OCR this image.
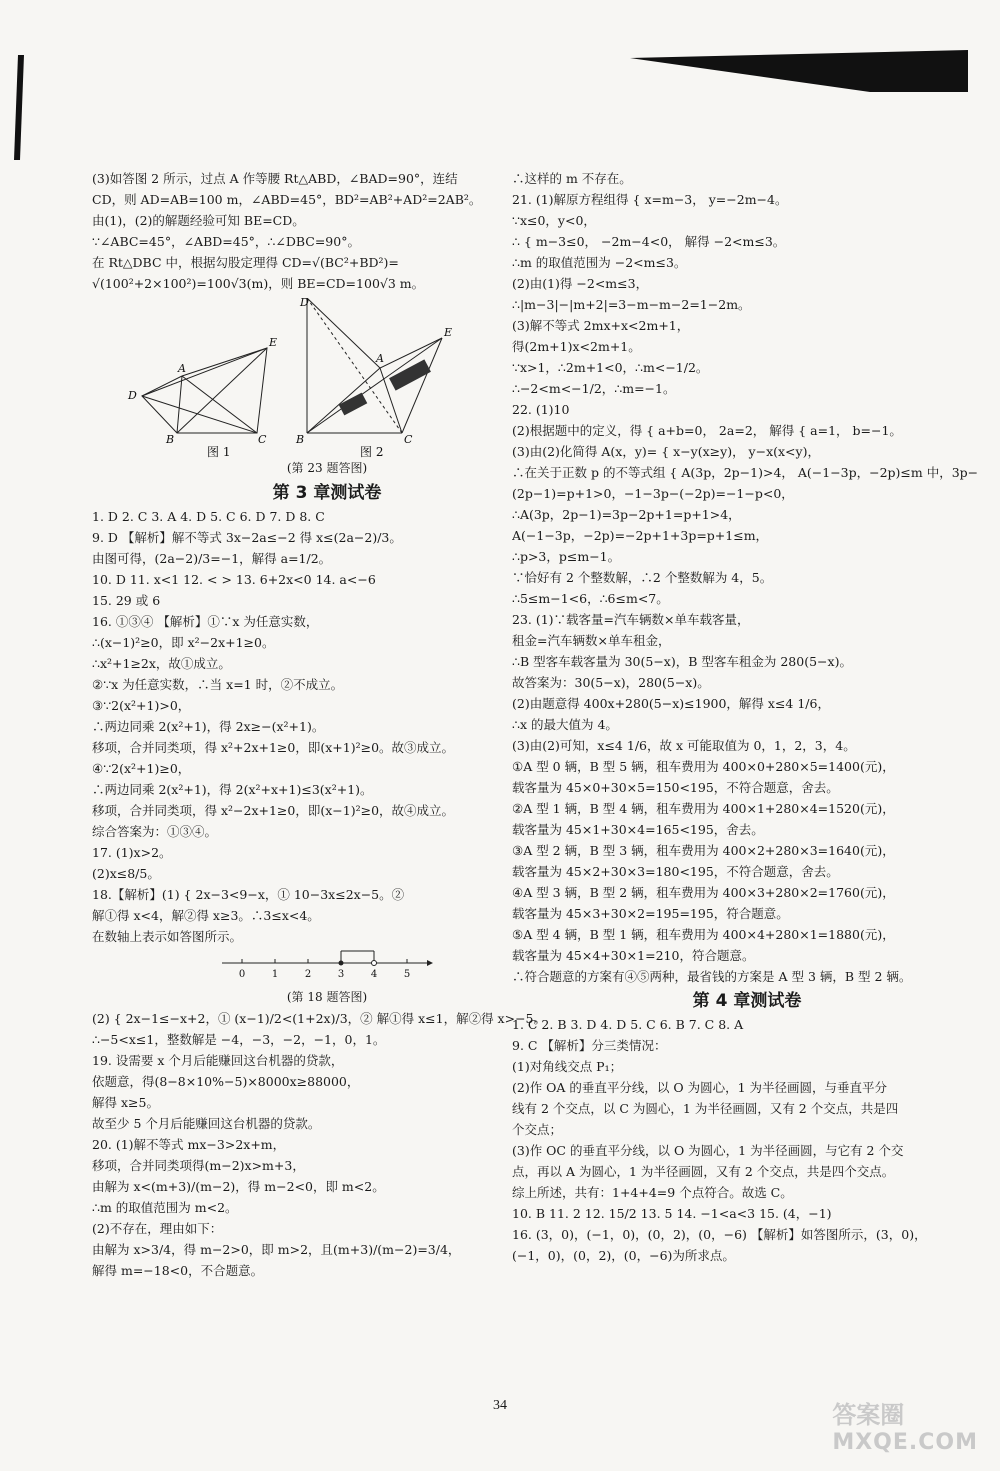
(3)如答图 2 所示，过点 A 作等腰 Rt△ABD，∠BAD=90°，连结

CD，则 AD=AB=100 m，∠ABD=45°，BD²=AB²+AD²=2AB²。

由(1)，(2)的解题经验可知 BE=CD。

∵∠ABC=45°，∠ABD=45°，∴∠DBC=90°。

在 Rt△DBC 中，根据勾股定理得 CD=√(BC²+BD²)=

√(100²+2×100²)=100√3(m)，则 BE=CD=100√3 m。

D
A
E
B	C
D
A
E
B	C
图 1	图 2

(第 23 题答图)

第 3 章测试卷

1. D 2. C 3. A 4. D 5. C 6. D 7. D 8. C

9. D 【解析】解不等式 3x−2a≤−2 得 x≤(2a−2)/3。

由图可得，(2a−2)/3=−1，解得 a=1/2。

10. D 11. x<1 12. < > 13. 6+2x<0 14. a<−6

15. 29 或 6

16. ①③④ 【解析】①∵x 为任意实数，

∴(x−1)²≥0，即 x²−2x+1≥0。

∴x²+1≥2x，故①成立。

②∵x 为任意实数，∴当 x=1 时，②不成立。

③∵2(x²+1)>0，

∴两边同乘 2(x²+1)，得 2x≥−(x²+1)。

移项，合并同类项，得 x²+2x+1≥0，即(x+1)²≥0。故③成立。

④∵2(x²+1)≥0，

∴两边同乘 2(x²+1)，得 2(x²+x+1)≤3(x²+1)。

移项，合并同类项，得 x²−2x+1≥0，即(x−1)²≥0，故④成立。

综合答案为：①③④。

17. (1)x>2。

(2)x≤8/5。

18.【解析】(1) { 2x−3<9−x，① 10−3x≤2x−5。②

解①得 x<4，解②得 x≥3。∴3≤x<4。

在数轴上表示如答图所示。

0	1	2	3	4	5

(第 18 题答图)

(2) { 2x−1≤−x+2，① (x−1)/2<(1+2x)/3，② 解①得 x≤1，解②得 x>−5。

∴−5<x≤1，整数解是 −4，−3，−2，−1，0，1。

19. 设需要 x 个月后能赚回这台机器的贷款，

依题意，得(8−8×10%−5)×8000x≥88000，

解得 x≥5。

故至少 5 个月后能赚回这台机器的贷款。

20. (1)解不等式 mx−3>2x+m，

移项，合并同类项得(m−2)x>m+3，

由解为 x<(m+3)/(m−2)，得 m−2<0，即 m<2。

∴m 的取值范围为 m<2。

(2)不存在，理由如下：

由解为 x>3/4，得 m−2>0，即 m>2，且(m+3)/(m−2)=3/4，

解得 m=−18<0，不合题意。

∴这样的 m 不存在。

21. (1)解原方程组得 { x=m−3， y=−2m−4。

∵x≤0，y<0，

∴ { m−3≤0， −2m−4<0， 解得 −2<m≤3。

∴m 的取值范围为 −2<m≤3。

(2)由(1)得 −2<m≤3，

∴|m−3|−|m+2|=3−m−m−2=1−2m。

(3)解不等式 2mx+x<2m+1，

得(2m+1)x<2m+1。

∵x>1，∴2m+1<0，∴m<−1/2。

∴−2<m<−1/2，∴m=−1。

22. (1)10

(2)根据题中的定义，得 { a+b=0， 2a=2， 解得 { a=1， b=−1。

(3)由(2)化简得 A(x，y)= { x−y(x≥y)， y−x(x<y)，

∴在关于正数 p 的不等式组 { A(3p，2p−1)>4， A(−1−3p，−2p)≤m 中，3p−

(2p−1)=p+1>0，−1−3p−(−2p)=−1−p<0，

∴A(3p，2p−1)=3p−2p+1=p+1>4，

A(−1−3p，−2p)=−2p+1+3p=p+1≤m，

∴p>3，p≤m−1。

∵恰好有 2 个整数解，∴2 个整数解为 4，5。

∴5≤m−1<6，∴6≤m<7。

23. (1)∵载客量=汽车辆数×单车载客量，

租金=汽车辆数×单车租金，

∴B 型客车载客量为 30(5−x)，B 型客车租金为 280(5−x)。

故答案为：30(5−x)，280(5−x)。

(2)由题意得 400x+280(5−x)≤1900，解得 x≤4 1/6，

∴x 的最大值为 4。

(3)由(2)可知，x≤4 1/6，故 x 可能取值为 0，1，2，3，4。

①A 型 0 辆，B 型 5 辆，租车费用为 400×0+280×5=1400(元)，

载客量为 45×0+30×5=150<195，不符合题意，舍去。

②A 型 1 辆，B 型 4 辆，租车费用为 400×1+280×4=1520(元)，

载客量为 45×1+30×4=165<195，舍去。

③A 型 2 辆，B 型 3 辆，租车费用为 400×2+280×3=1640(元)，

载客量为 45×2+30×3=180<195，不符合题意，舍去。

④A 型 3 辆，B 型 2 辆，租车费用为 400×3+280×2=1760(元)，

载客量为 45×3+30×2=195=195，符合题意。

⑤A 型 4 辆，B 型 1 辆，租车费用为 400×4+280×1=1880(元)，

载客量为 45×4+30×1=210，符合题意。

∴符合题意的方案有④⑤两种，最省钱的方案是 A 型 3 辆，B 型 2 辆。

第 4 章测试卷

1. C 2. B 3. D 4. D 5. C 6. B 7. C 8. A

9. C 【解析】分三类情况：

(1)对角线交点 P₁；

(2)作 OA 的垂直平分线，以 O 为圆心，1 为半径画圆，与垂直平分

线有 2 个交点，以 C 为圆心，1 为半径画圆，又有 2 个交点，共是四

个交点；

(3)作 OC 的垂直平分线，以 O 为圆心，1 为半径画圆，与它有 2 个交

点，再以 A 为圆心，1 为半径画圆，又有 2 个交点，共是四个交点。

综上所述，共有：1+4+4=9 个点符合。故选 C。

10. B 11. 2 12. 15/2 13. 5 14. −1<a<3 15. (4，−1)

16. (3，0)，(−1，0)，(0，2)，(0，−6) 【解析】如答图所示，(3，0)，

(−1，0)，(0，2)，(0，−6)为所求点。

34	答案圈
MXQE.COM
